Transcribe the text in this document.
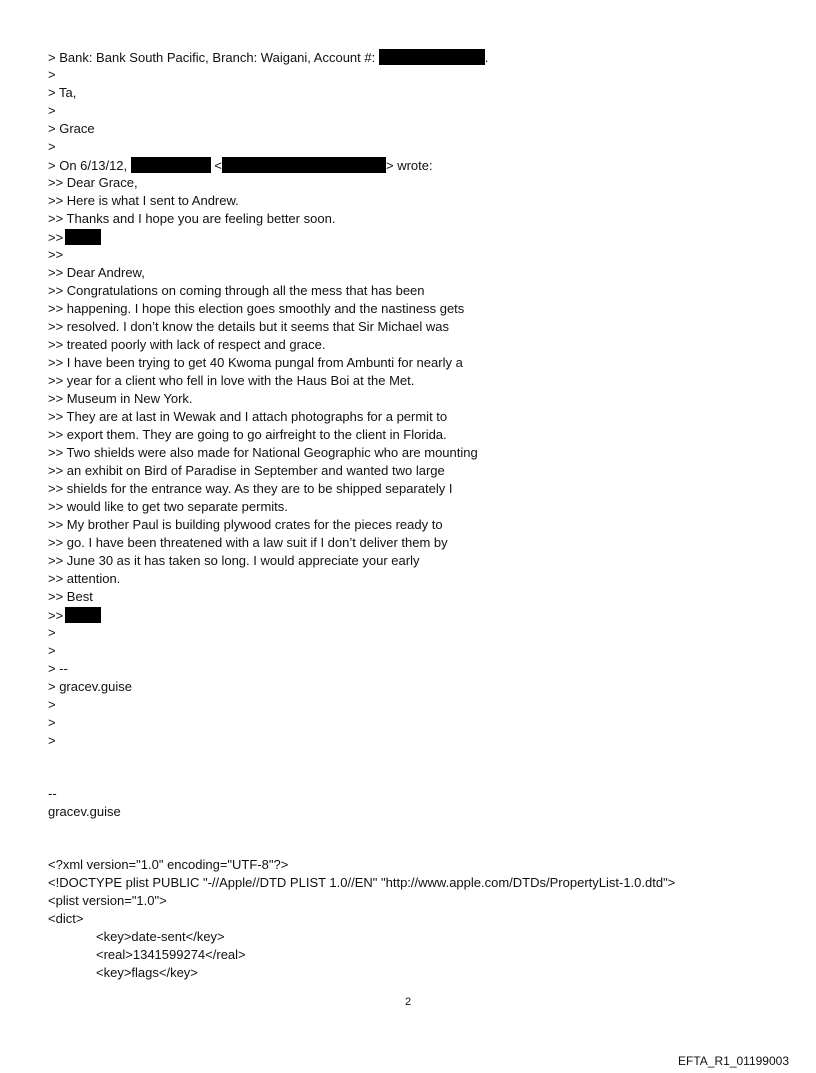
> Bank: Bank South Pacific, Branch: Waigani, Account #:	.
>
> Ta,
>
> Grace
>
> On 6/13/12,	<	> wrote:
>> Dear Grace,
>> Here is what I sent to Andrew.
>> Thanks and I hope you are feeling better soon.
>>
>>
>> Dear Andrew,
>> Congratulations on coming through all the mess that has been
>> happening. I hope this election goes smoothly and the nastiness gets
>> resolved. I don’t know the details but it seems that Sir Michael was
>> treated poorly with lack of respect and grace.
>> I have been trying to get 40 Kwoma pungal from Ambunti for nearly a
>> year for a client who fell in love with the Haus Boi at the Met.
>> Museum in New York.
>> They are at last in Wewak and I attach photographs for a permit to
>> export them. They are going to go airfreight to the client in Florida.
>> Two shields were also made for National Geographic who are mounting
>> an exhibit on Bird of Paradise in September and wanted two large
>> shields for the entrance way. As they are to be shipped separately I
>> would like to get two separate permits.
>> My brother Paul is building plywood crates for the pieces ready to
>> go. I have been threatened with a law suit if I don’t deliver them by
>> June 30 as it has taken so long. I would appreciate your early
>> attention.
>> Best
>>
>
>
> --
> gracev.guise
>
>
>
--
gracev.guise
<?xml version="1.0" encoding="UTF-8"?>
<!DOCTYPE plist PUBLIC "-//Apple//DTD PLIST 1.0//EN" "http://www.apple.com/DTDs/PropertyList-1.0.dtd">
<plist version="1.0">
<dict>
<key>date-sent</key>
<real>1341599274</real>
<key>flags</key>
2
EFTA_R1_01199003
